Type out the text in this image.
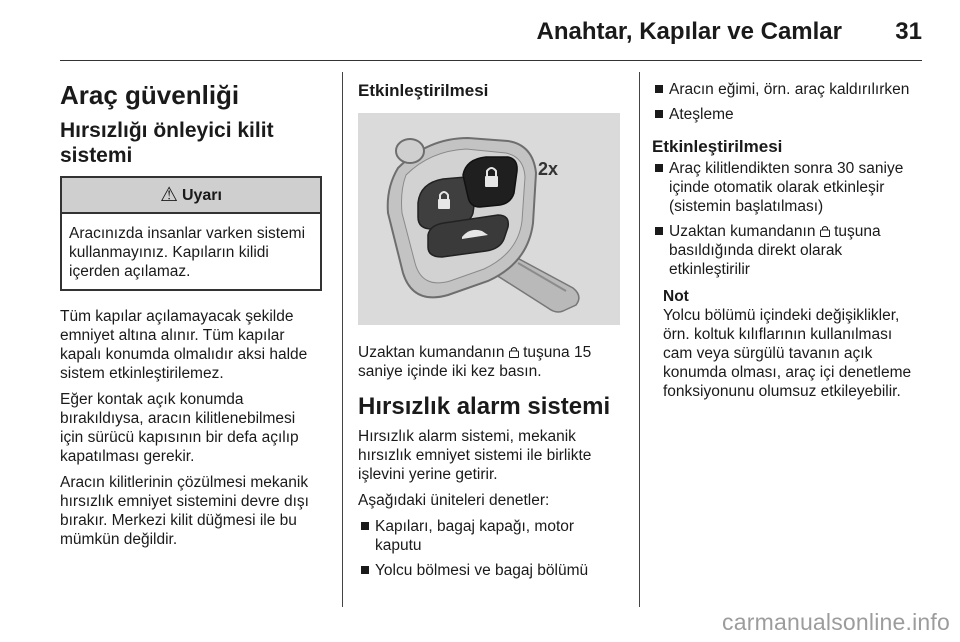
Anahtar, Kapılar ve Camlar 31
Araç güvenliği
Hırsızlığı önleyici kilit sistemi
⚠ Uyarı
Aracınızda insanlar varken sistemi kullanmayınız. Kapıların kilidi içerden açılamaz.

Tüm kapılar açılamayacak şekilde emniyet altına alınır. Tüm kapılar kapalı konumda olmalıdır aksi halde sistem etkinleştirilemez.

Eğer kontak açık konumda bırakıldıysa, aracın kilitlenebilmesi için sürücü kapısının bir defa açılıp kapatılması gerekir.

Aracın kilitlerinin çözülmesi mekanik hırsızlık emniyet sistemini devre dışı bırakır. Merkezi kilit düğmesi ile bu mümkün değildir.

Etkinleştirilmesi
2x

Uzaktan kumandanın  tuşuna 15 saniye içinde iki kez basın.

Hırsızlık alarm sistemi

Hırsızlık alarm sistemi, mekanik hırsızlık emniyet sistemi ile birlikte işlevini yerine getirir.

Aşağıdaki üniteleri denetler:

Kapıları, bagaj kapağı, motor kaputu
Yolcu bölmesi ve bagaj bölümü
Aracın eğimi, örn. araç kaldırılırken
Ateşleme
Etkinleştirilmesi
Araç kilitlendikten sonra 30 saniye içinde otomatik olarak etkinleşir (sistemin başlatılması)
Uzaktan kumandanın  tuşuna basıldığında direkt olarak etkinleştirilir
Not
Yolcu bölümü içindeki değişiklikler, örn. koltuk kılıflarının kullanılması cam veya sürgülü tavanın açık konumda olması, araç içi denetleme fonksiyonunu olumsuz etkileyebilir.
carmanualsonline.info
